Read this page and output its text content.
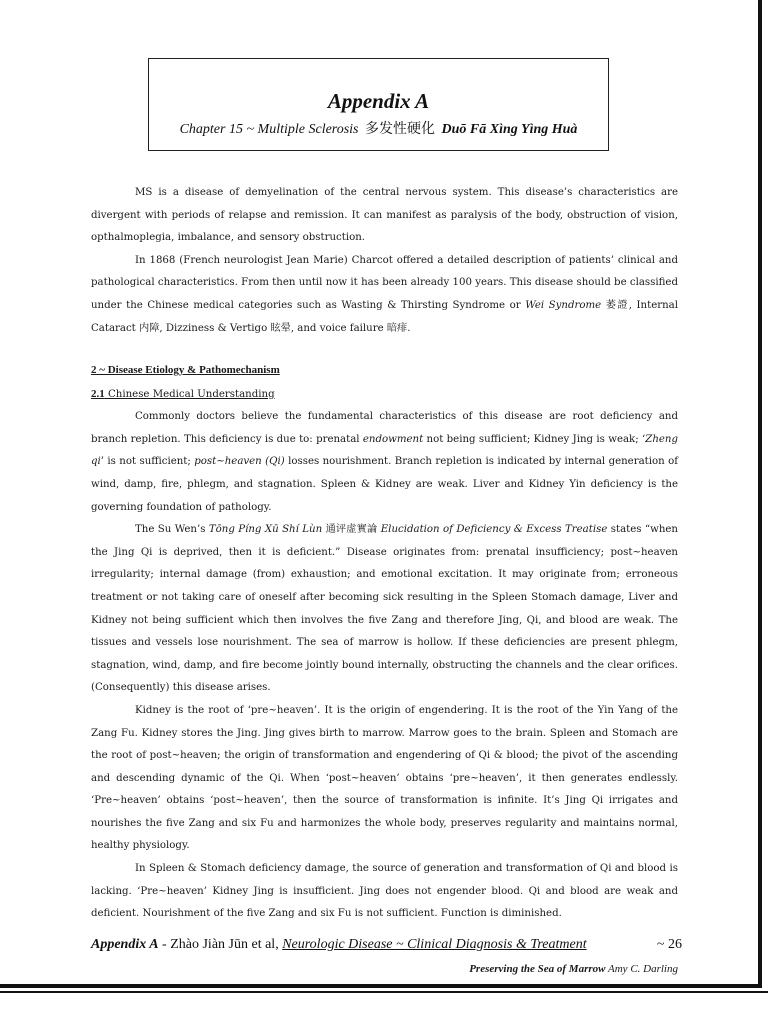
Appendix A
Chapter 15 ~ Multiple Sclerosis 多发性硬化 Duō Fā Xìng Yìng Huà

MS is a disease of demyelination of the central nervous system. This disease’s characteristics are divergent with periods of relapse and remission. It can manifest as paralysis of the body, obstruction of vision, opthalmoplegia, imbalance, and sensory obstruction.

In 1868 (French neurologist Jean Marie) Charcot offered a detailed description of patients’ clinical and pathological characteristics. From then until now it has been already 100 years. This disease should be classified under the Chinese medical categories such as Wasting & Thirsting Syndrome or Wei Syndrome 萎證, Internal Cataract 内障, Dizziness & Vertigo 眩晕, and voice failure 暗痱.

2 ~ Disease Etiology & Pathomechanism

2.1 Chinese Medical Understanding

Commonly doctors believe the fundamental characteristics of this disease are root deficiency and branch repletion. This deficiency is due to: prenatal endowment not being sufficient; Kidney Jing is weak; ‘Zheng qi’ is not sufficient; post~heaven (Qi) losses nourishment. Branch repletion is indicated by internal generation of wind, damp, fire, phlegm, and stagnation. Spleen & Kidney are weak. Liver and Kidney Yin deficiency is the governing foundation of pathology.

The Su Wen’s Tōng Píng Xū Shí Lùn 通评虚實論 Elucidation of Deficiency & Excess Treatise states “when the Jing Qi is deprived, then it is deficient.” Disease originates from: prenatal insufficiency; post~heaven irregularity; internal damage (from) exhaustion; and emotional excitation. It may originate from; erroneous treatment or not taking care of oneself after becoming sick resulting in the Spleen Stomach damage, Liver and Kidney not being sufficient which then involves the five Zang and therefore Jing, Qi, and blood are weak. The tissues and vessels lose nourishment. The sea of marrow is hollow. If these deficiencies are present phlegm, stagnation, wind, damp, and fire become jointly bound internally, obstructing the channels and the clear orifices. (Consequently) this disease arises.

Kidney is the root of ‘pre~heaven’. It is the origin of engendering. It is the root of the Yin Yang of the Zang Fu. Kidney stores the Jing. Jing gives birth to marrow. Marrow goes to the brain. Spleen and Stomach are the root of post~heaven; the origin of transformation and engendering of Qi & blood; the pivot of the ascending and descending dynamic of the Qi. When ‘post~heaven’ obtains ‘pre~heaven’, it then generates endlessly. ‘Pre~heaven’ obtains ‘post~heaven’, then the source of transformation is infinite. It’s Jing Qi irrigates and nourishes the five Zang and six Fu and harmonizes the whole body, preserves regularity and maintains normal, healthy physiology.

In Spleen & Stomach deficiency damage, the source of generation and transformation of Qi and blood is lacking. ‘Pre~heaven’ Kidney Jing is insufficient. Jing does not engender blood. Qi and blood are weak and deficient. Nourishment of the five Zang and six Fu is not sufficient. Function is diminished.

Appendix A - Zhào Jiàn Jūn et al, Neurologic Disease ~ Clinical Diagnosis & Treatment	~ 26
Preserving the Sea of Marrow Amy C. Darling
